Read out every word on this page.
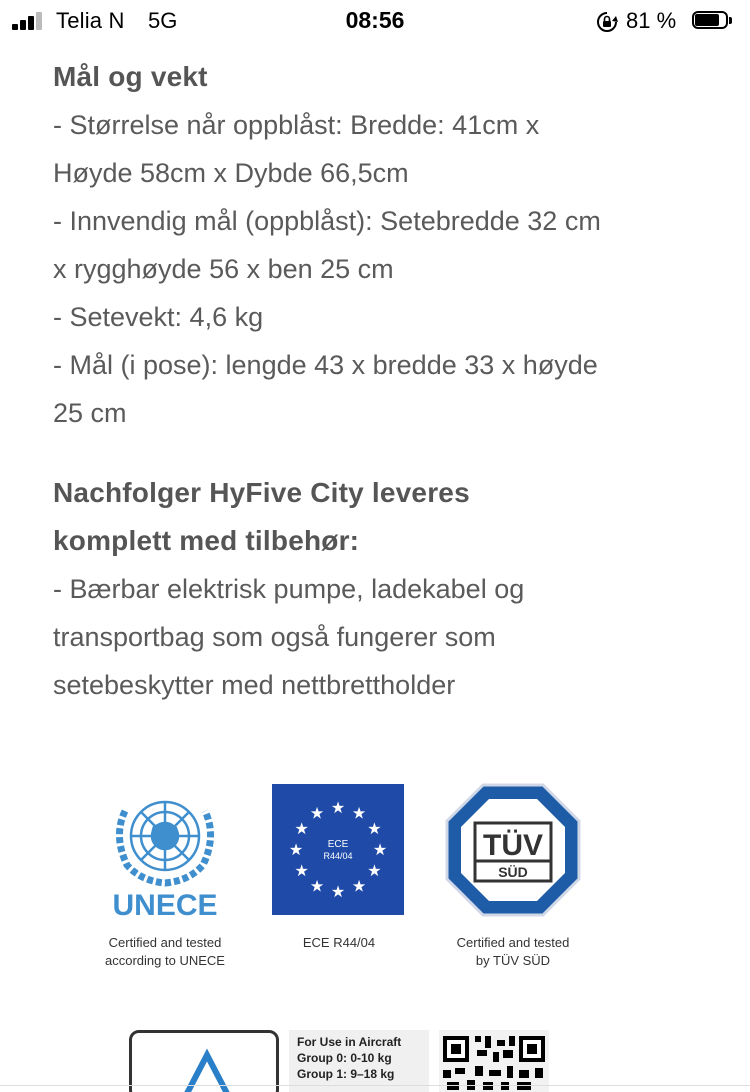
Telia N 5G	08:56	81 %
Mål og vekt

- Størrelse når oppblåst: Bredde: 41cm x

Høyde 58cm x Dybde 66,5cm

- Innvendig mål (oppblåst): Setebredde 32 cm

x rygghøyde 56 x ben 25 cm

- Setevekt: 4,6 kg

- Mål (i pose): lengde 43 x bredde 33 x høyde

25 cm

Nachfolger HyFive City leveres
komplett med tilbehør:

- Bærbar elektrisk pumpe, ladekabel og

transportbag som også fungerer som

setebeskytter med nettbrettholder

UNECE
Certified and tested
according to UNECE
★
★
★
★
★
★
★
★
★ ★ ★
★
ECE
R44/04
ECE R44/04
TÜV
SÜD
Certified and tested
by TÜV SÜD
For Use in Aircraft
Group 0: 0-10 kg
Group 1: 9–18 kg
